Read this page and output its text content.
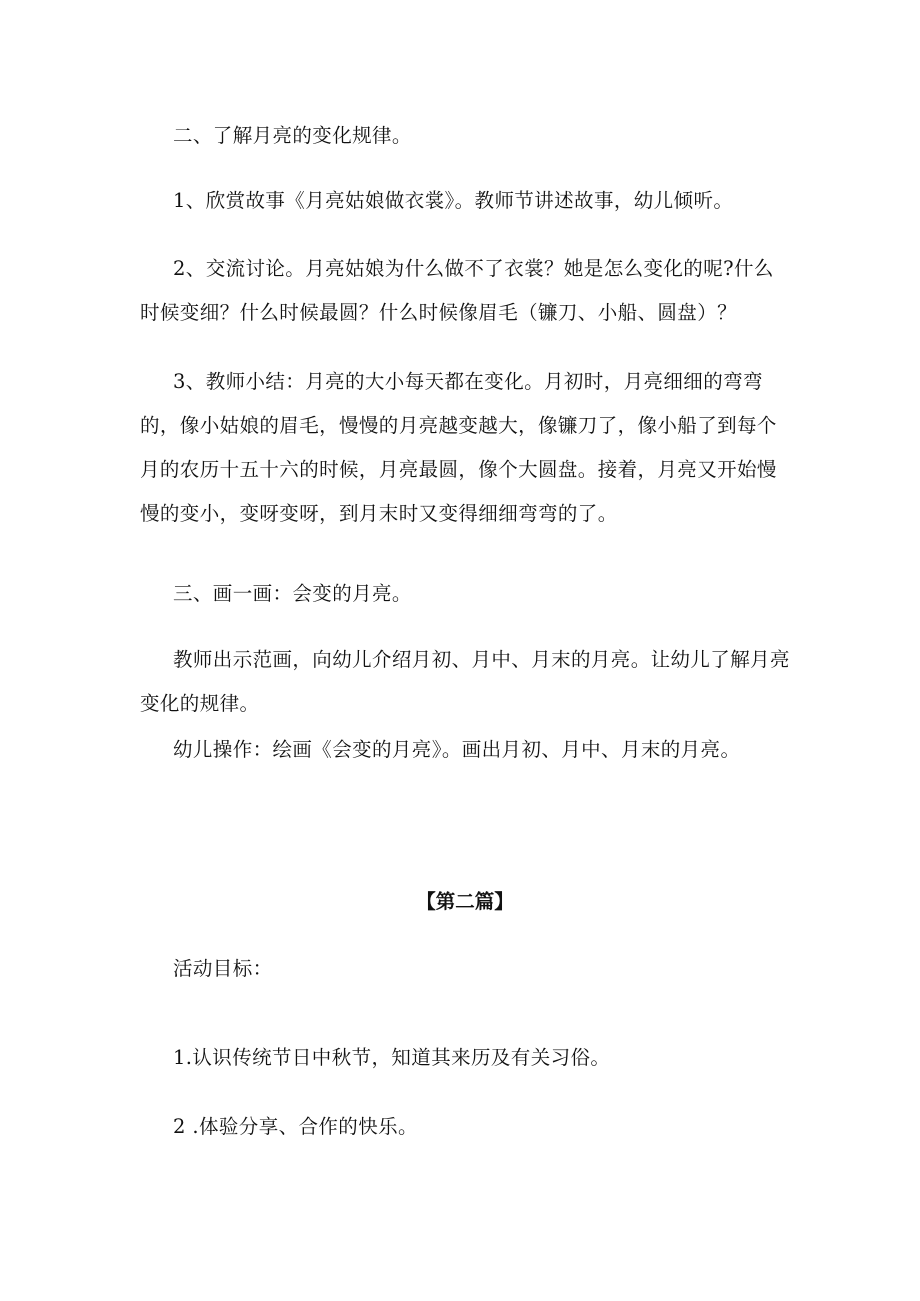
二、了解月亮的变化规律。

1、欣赏故事《月亮姑娘做衣裳》。教师节讲述故事，幼儿倾听。

2、交流讨论。月亮姑娘为什么做不了衣裳？她是怎么变化的呢?什么时候变细？什么时候最圆？什么时候像眉毛（镰刀、小船、圆盘）？

3、教师小结：月亮的大小每天都在变化。月初时，月亮细细的弯弯的，像小姑娘的眉毛，慢慢的月亮越变越大，像镰刀了，像小船了到每个月的农历十五十六的时候，月亮最圆，像个大圆盘。接着，月亮又开始慢慢的变小，变呀变呀，到月末时又变得细细弯弯的了。

三、画一画：会变的月亮。

教师出示范画，向幼儿介绍月初、月中、月末的月亮。让幼儿了解月亮变化的规律。

幼儿操作：绘画《会变的月亮》。画出月初、月中、月末的月亮。

【第二篇】

活动目标：

1.认识传统节日中秋节，知道其来历及有关习俗。

2 .体验分享、合作的快乐。
